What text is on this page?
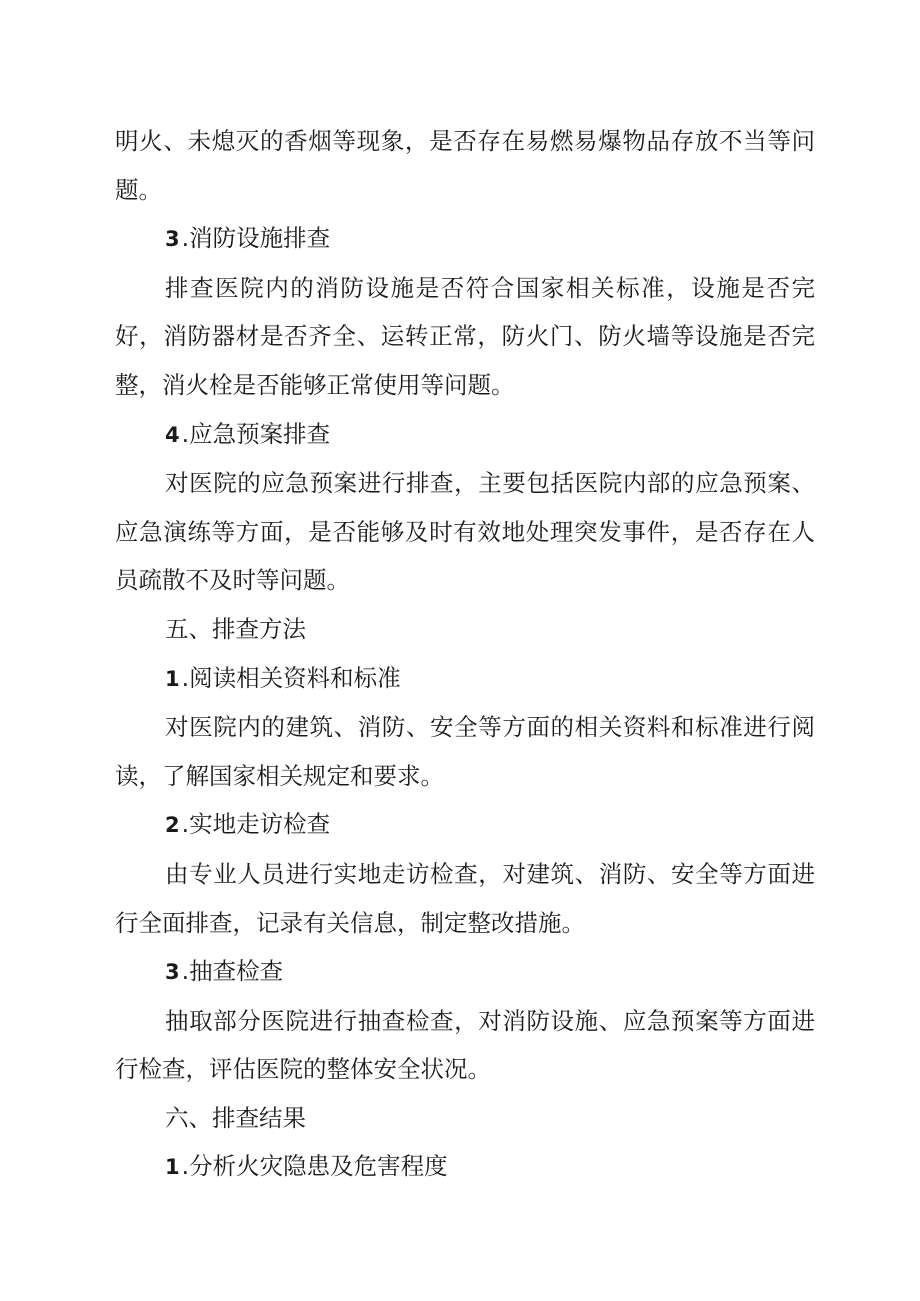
明火、未熄灭的香烟等现象，是否存在易燃易爆物品存放不当等问题。

3.消防设施排查

排查医院内的消防设施是否符合国家相关标准，设施是否完好，消防器材是否齐全、运转正常，防火门、防火墙等设施是否完整，消火栓是否能够正常使用等问题。

4.应急预案排查

对医院的应急预案进行排查，主要包括医院内部的应急预案、应急演练等方面，是否能够及时有效地处理突发事件，是否存在人员疏散不及时等问题。

五、排查方法

1.阅读相关资料和标准

对医院内的建筑、消防、安全等方面的相关资料和标准进行阅读，了解国家相关规定和要求。

2.实地走访检查

由专业人员进行实地走访检查，对建筑、消防、安全等方面进行全面排查，记录有关信息，制定整改措施。

3.抽查检查

抽取部分医院进行抽查检查，对消防设施、应急预案等方面进行检查，评估医院的整体安全状况。

六、排查结果

1.分析火灾隐患及危害程度
